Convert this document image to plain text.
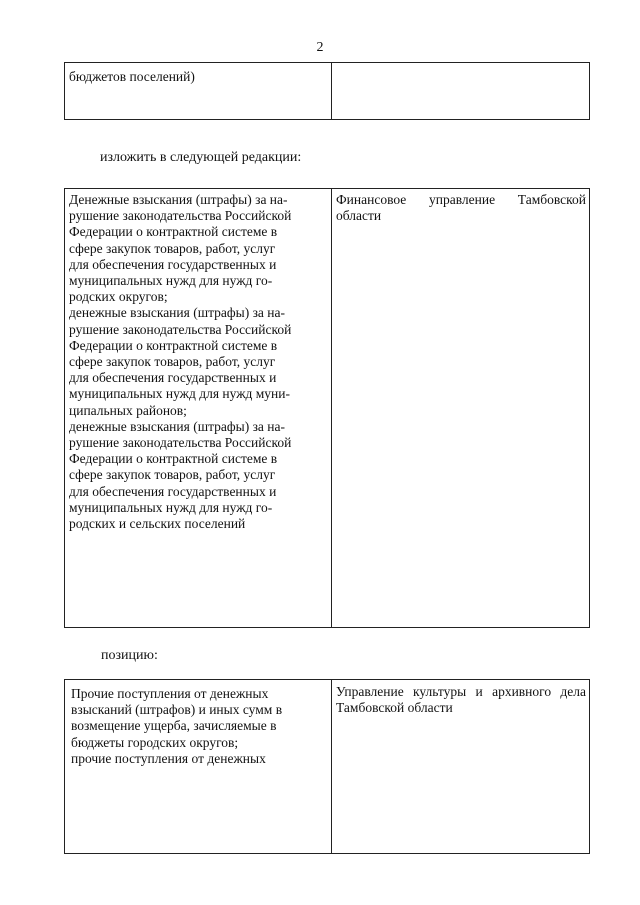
2
бюджетов поселений)
изложить в следующей редакции:
Денежные взыскания (штрафы) за на-
рушение законодательства Российской
Федерации о контрактной системе в
сфере закупок товаров, работ, услуг
для обеспечения государственных и
муниципальных нужд для нужд го-
родских округов;
денежные взыскания (штрафы) за на-
рушение законодательства Российской
Федерации о контрактной системе в
сфере закупок товаров, работ, услуг
для обеспечения государственных и
муниципальных нужд для нужд муни-
ципальных районов;
денежные взыскания (штрафы) за на-
рушение законодательства Российской
Федерации о контрактной системе в
сфере закупок товаров, работ, услуг
для обеспечения государственных и
муниципальных нужд для нужд го-
родских и сельских поселений
Финансовое управление Тамбовской области
позицию:
Прочие поступления от денежных
взысканий (штрафов) и иных сумм в
возмещение ущерба, зачисляемые в
бюджеты городских округов;
прочие поступления от денежных
Управление культуры и архивного дела Тамбовской области
